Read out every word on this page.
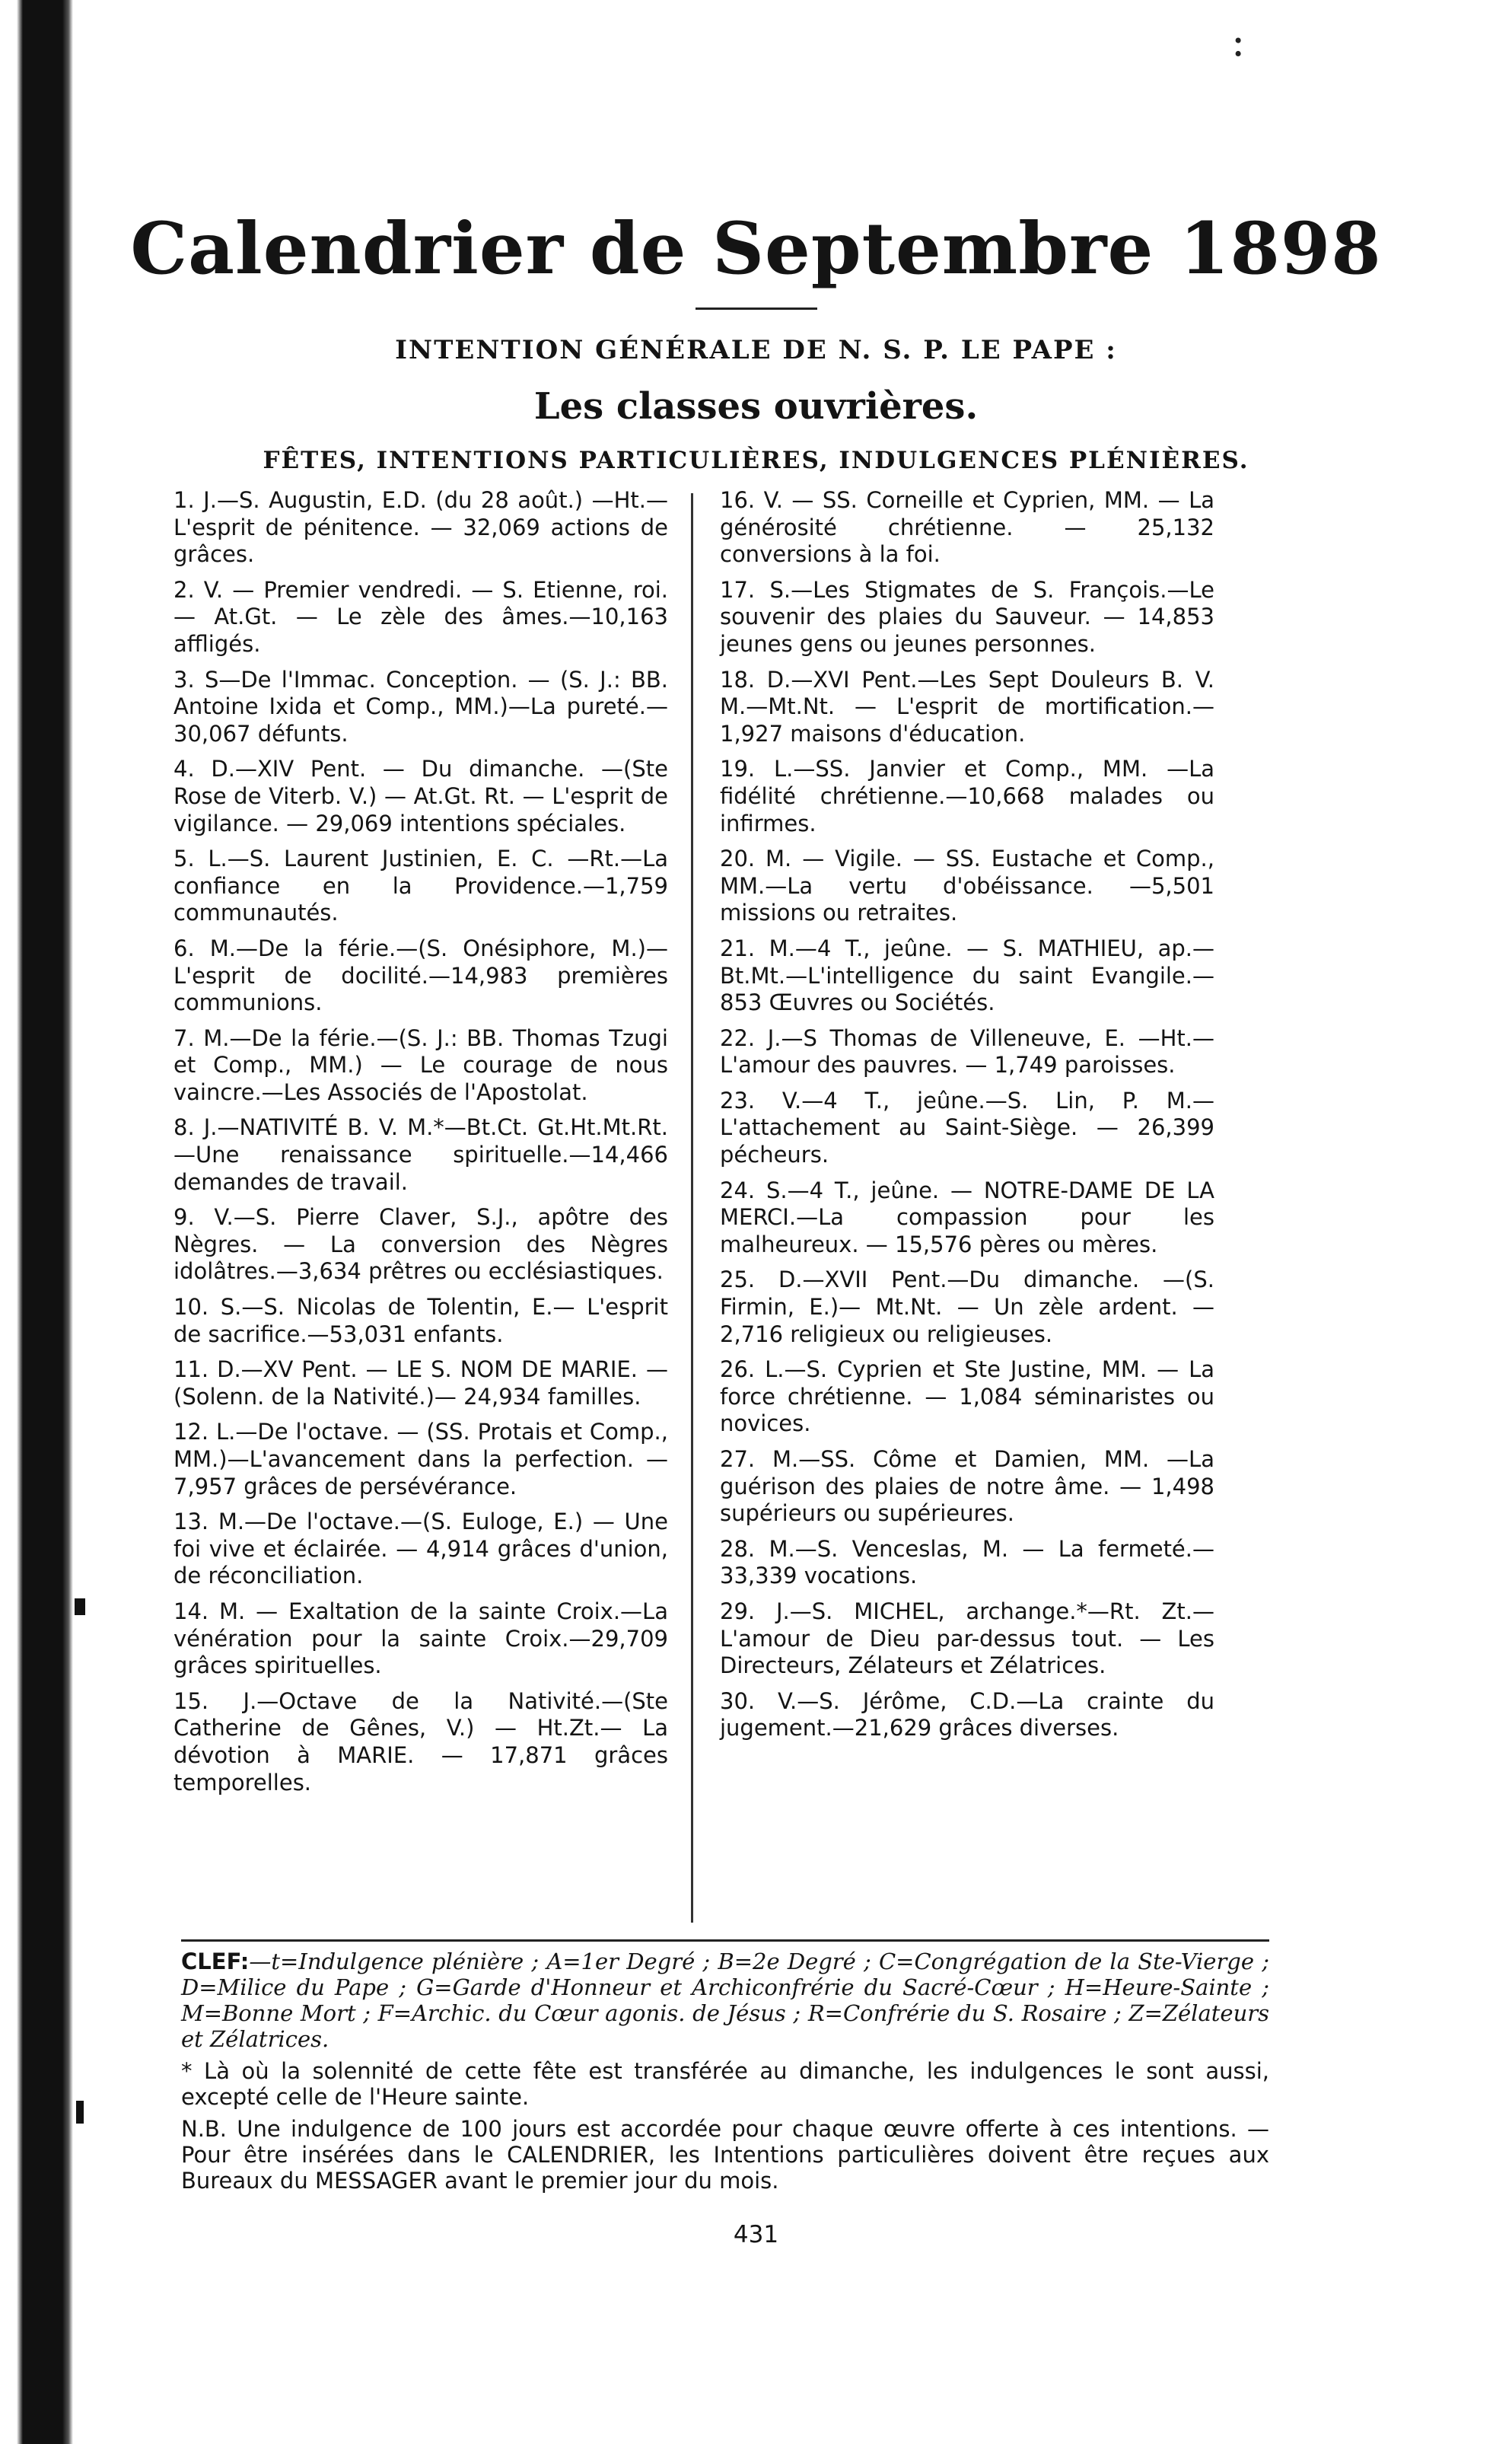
:
Calendrier de Septembre 1898
INTENTION GÉNÉRALE DE N. S. P. LE PAPE :
Les classes ouvrières.
FÊTES, INTENTIONS PARTICULIÈRES, INDULGENCES PLÉNIÈRES.

1. J.—S. Augustin, E.D. (du 28 août.) —Ht.—L'esprit de pénitence. — 32,069 actions de grâces.

2. V. — Premier vendredi. — S. Etienne, roi. — At.Gt. — Le zèle des âmes.—10,163 affligés.

3. S—De l'Immac. Conception. — (S. J.: BB. Antoine Ixida et Comp., MM.)—La pureté.—30,067 défunts.

4. D.—XIV Pent. — Du dimanche. —(Ste Rose de Viterb. V.) — At.Gt. Rt. — L'esprit de vigilance. — 29,069 intentions spéciales.

5. L.—S. Laurent Justinien, E. C. —Rt.—La confiance en la Providence.—1,759 communautés.

6. M.—De la férie.—(S. Onésiphore, M.)—L'esprit de docilité.—14,983 premières communions.

7. M.—De la férie.—(S. J.: BB. Thomas Tzugi et Comp., MM.) — Le courage de nous vaincre.—Les Associés de l'Apostolat.

8. J.—NATIVITÉ B. V. M.*—Bt.Ct. Gt.Ht.Mt.Rt.—Une renaissance spirituelle.—14,466 demandes de travail.

9. V.—S. Pierre Claver, S.J., apôtre des Nègres. — La conversion des Nègres idolâtres.—3,634 prêtres ou ecclésiastiques.

10. S.—S. Nicolas de Tolentin, E.— L'esprit de sacrifice.—53,031 enfants.

11. D.—XV Pent. — LE S. NOM DE MARIE. — (Solenn. de la Nativité.)— 24,934 familles.

12. L.—De l'octave. — (SS. Protais et Comp., MM.)—L'avancement dans la perfection. — 7,957 grâces de persévérance.

13. M.—De l'octave.—(S. Euloge, E.) — Une foi vive et éclairée. — 4,914 grâces d'union, de réconciliation.

14. M. — Exaltation de la sainte Croix.—La vénération pour la sainte Croix.—29,709 grâces spirituelles.

15. J.—Octave de la Nativité.—(Ste Catherine de Gênes, V.) — Ht.Zt.— La dévotion à MARIE. — 17,871 grâces temporelles.

16. V. — SS. Corneille et Cyprien, MM. — La générosité chrétienne. — 25,132 conversions à la foi.

17. S.—Les Stigmates de S. François.—Le souvenir des plaies du Sauveur. — 14,853 jeunes gens ou jeunes personnes.

18. D.—XVI Pent.—Les Sept Douleurs B. V. M.—Mt.Nt. — L'esprit de mortification.—1,927 maisons d'éducation.

19. L.—SS. Janvier et Comp., MM. —La fidélité chrétienne.—10,668 malades ou infirmes.

20. M. — Vigile. — SS. Eustache et Comp., MM.—La vertu d'obéissance. —5,501 missions ou retraites.

21. M.—4 T., jeûne. — S. MATHIEU, ap.—Bt.Mt.—L'intelligence du saint Evangile.—853 Œuvres ou Sociétés.

22. J.—S Thomas de Villeneuve, E. —Ht.—L'amour des pauvres. — 1,749 paroisses.

23. V.—4 T., jeûne.—S. Lin, P. M.— L'attachement au Saint-Siège. — 26,399 pécheurs.

24. S.—4 T., jeûne. — NOTRE-DAME DE LA MERCI.—La compassion pour les malheureux. — 15,576 pères ou mères.

25. D.—XVII Pent.—Du dimanche. —(S. Firmin, E.)— Mt.Nt. — Un zèle ardent. — 2,716 religieux ou religieuses.

26. L.—S. Cyprien et Ste Justine, MM. — La force chrétienne. — 1,084 séminaristes ou novices.

27. M.—SS. Côme et Damien, MM. —La guérison des plaies de notre âme. — 1,498 supérieurs ou supérieures.

28. M.—S. Venceslas, M. — La fermeté.—33,339 vocations.

29. J.—S. MICHEL, archange.*—Rt. Zt.— L'amour de Dieu par-dessus tout. — Les Directeurs, Zélateurs et Zélatrices.

30. V.—S. Jérôme, C.D.—La crainte du jugement.—21,629 grâces diverses.

CLEF:—t=Indulgence plénière ; A=1er Degré ; B=2e Degré ; C=Congrégation de la Ste-Vierge ; D=Milice du Pape ; G=Garde d'Honneur et Archiconfrérie du Sacré-Cœur ; H=Heure-Sainte ; M=Bonne Mort ; F=Archic. du Cœur agonis. de Jésus ; R=Confrérie du S. Rosaire ; Z=Zélateurs et Zélatrices.

* Là où la solennité de cette fête est transférée au dimanche, les indulgences le sont aussi, excepté celle de l'Heure sainte.

N.B. Une indulgence de 100 jours est accordée pour chaque œuvre offerte à ces intentions. — Pour être insérées dans le CALENDRIER, les Intentions particulières doivent être reçues aux Bureaux du MESSAGER avant le premier jour du mois.

431
